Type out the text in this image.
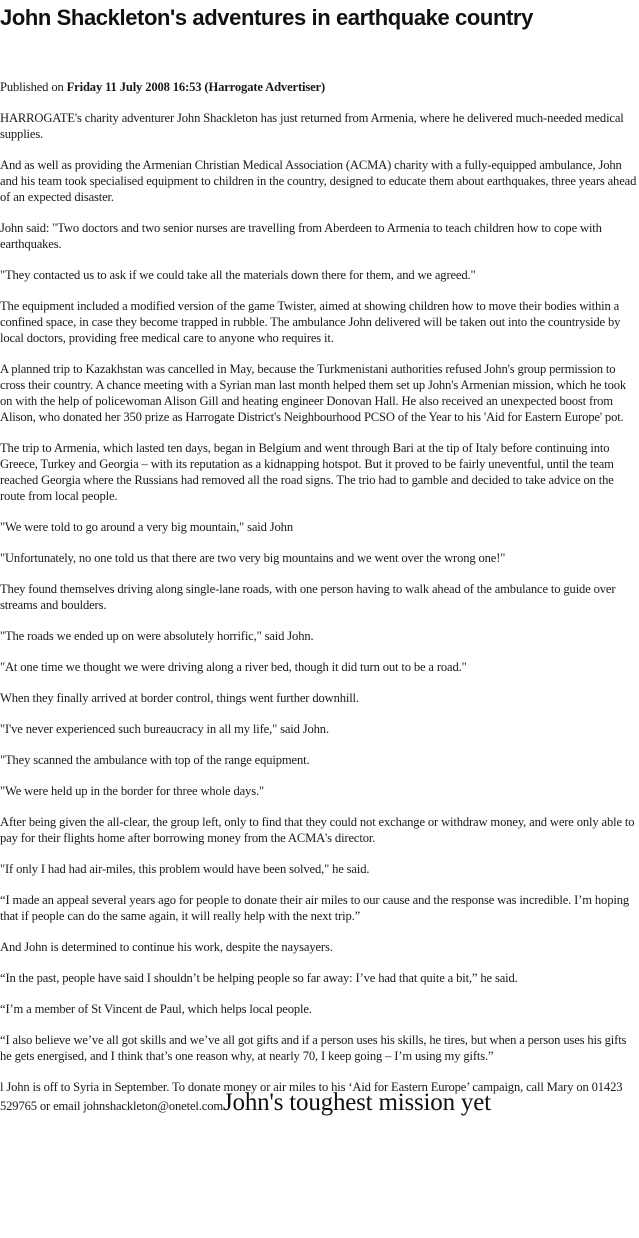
John Shackleton's adventures in earthquake country

Published on Friday 11 July 2008 16:53 (Harrogate Advertiser)

HARROGATE's charity adventurer John Shackleton has just returned from Armenia, where he delivered much-needed medical supplies.

And as well as providing the Armenian Christian Medical Association (ACMA) charity with a fully-equipped ambulance, John and his team took specialised equipment to children in the country, designed to educate them about earthquakes, three years ahead of an expected disaster.

John said: "Two doctors and two senior nurses are travelling from Aberdeen to Armenia to teach children how to cope with earthquakes.

"They contacted us to ask if we could take all the materials down there for them, and we agreed."

The equipment included a modified version of the game Twister, aimed at showing children how to move their bodies within a confined space, in case they become trapped in rubble. The ambulance John delivered will be taken out into the countryside by local doctors, providing free medical care to anyone who requires it.

A planned trip to Kazakhstan was cancelled in May, because the Turkmenistani authorities refused John's group permission to cross their country. A chance meeting with a Syrian man last month helped them set up John's Armenian mission, which he took on with the help of policewoman Alison Gill and heating engineer Donovan Hall. He also received an unexpected boost from Alison, who donated her 350 prize as Harrogate District's Neighbourhood PCSO of the Year to his 'Aid for Eastern Europe' pot.

The trip to Armenia, which lasted ten days, began in Belgium and went through Bari at the tip of Italy before continuing into Greece, Turkey and Georgia – with its reputation as a kidnapping hotspot. But it proved to be fairly uneventful, until the team reached Georgia where the Russians had removed all the road signs. The trio had to gamble and decided to take advice on the route from local people.

"We were told to go around a very big mountain," said John

"Unfortunately, no one told us that there are two very big mountains and we went over the wrong one!"

They found themselves driving along single-lane roads, with one person having to walk ahead of the ambulance to guide over streams and boulders.

"The roads we ended up on were absolutely horrific," said John.

"At one time we thought we were driving along a river bed, though it did turn out to be a road."

When they finally arrived at border control, things went further downhill.

"I've never experienced such bureaucracy in all my life," said John.

"They scanned the ambulance with top of the range equipment.

"We were held up in the border for three whole days."

After being given the all-clear, the group left, only to find that they could not exchange or withdraw money, and were only able to pay for their flights home after borrowing money from the ACMA's director.

"If only I had had air-miles, this problem would have been solved," he said.

“I made an appeal several years ago for people to donate their air miles to our cause and the response was incredible. I’m hoping that if people can do the same again, it will really help with the next trip.”

And John is determined to continue his work, despite the naysayers.

“In the past, people have said I shouldn’t be helping people so far away: I’ve had that quite a bit,” he said.

“I’m a member of St Vincent de Paul, which helps local people.

“I also believe we’ve all got skills and we’ve all got gifts and if a person uses his skills, he tires, but when a person uses his gifts he gets energised, and I think that’s one reason why, at nearly 70, I keep going – I’m using my gifts.”

l John is off to Syria in September. To donate money or air miles to his ‘Aid for Eastern Europe’ campaign, call Mary on 01423 529765 or email johnshackleton@onetel.comJohn's toughest mission yet
